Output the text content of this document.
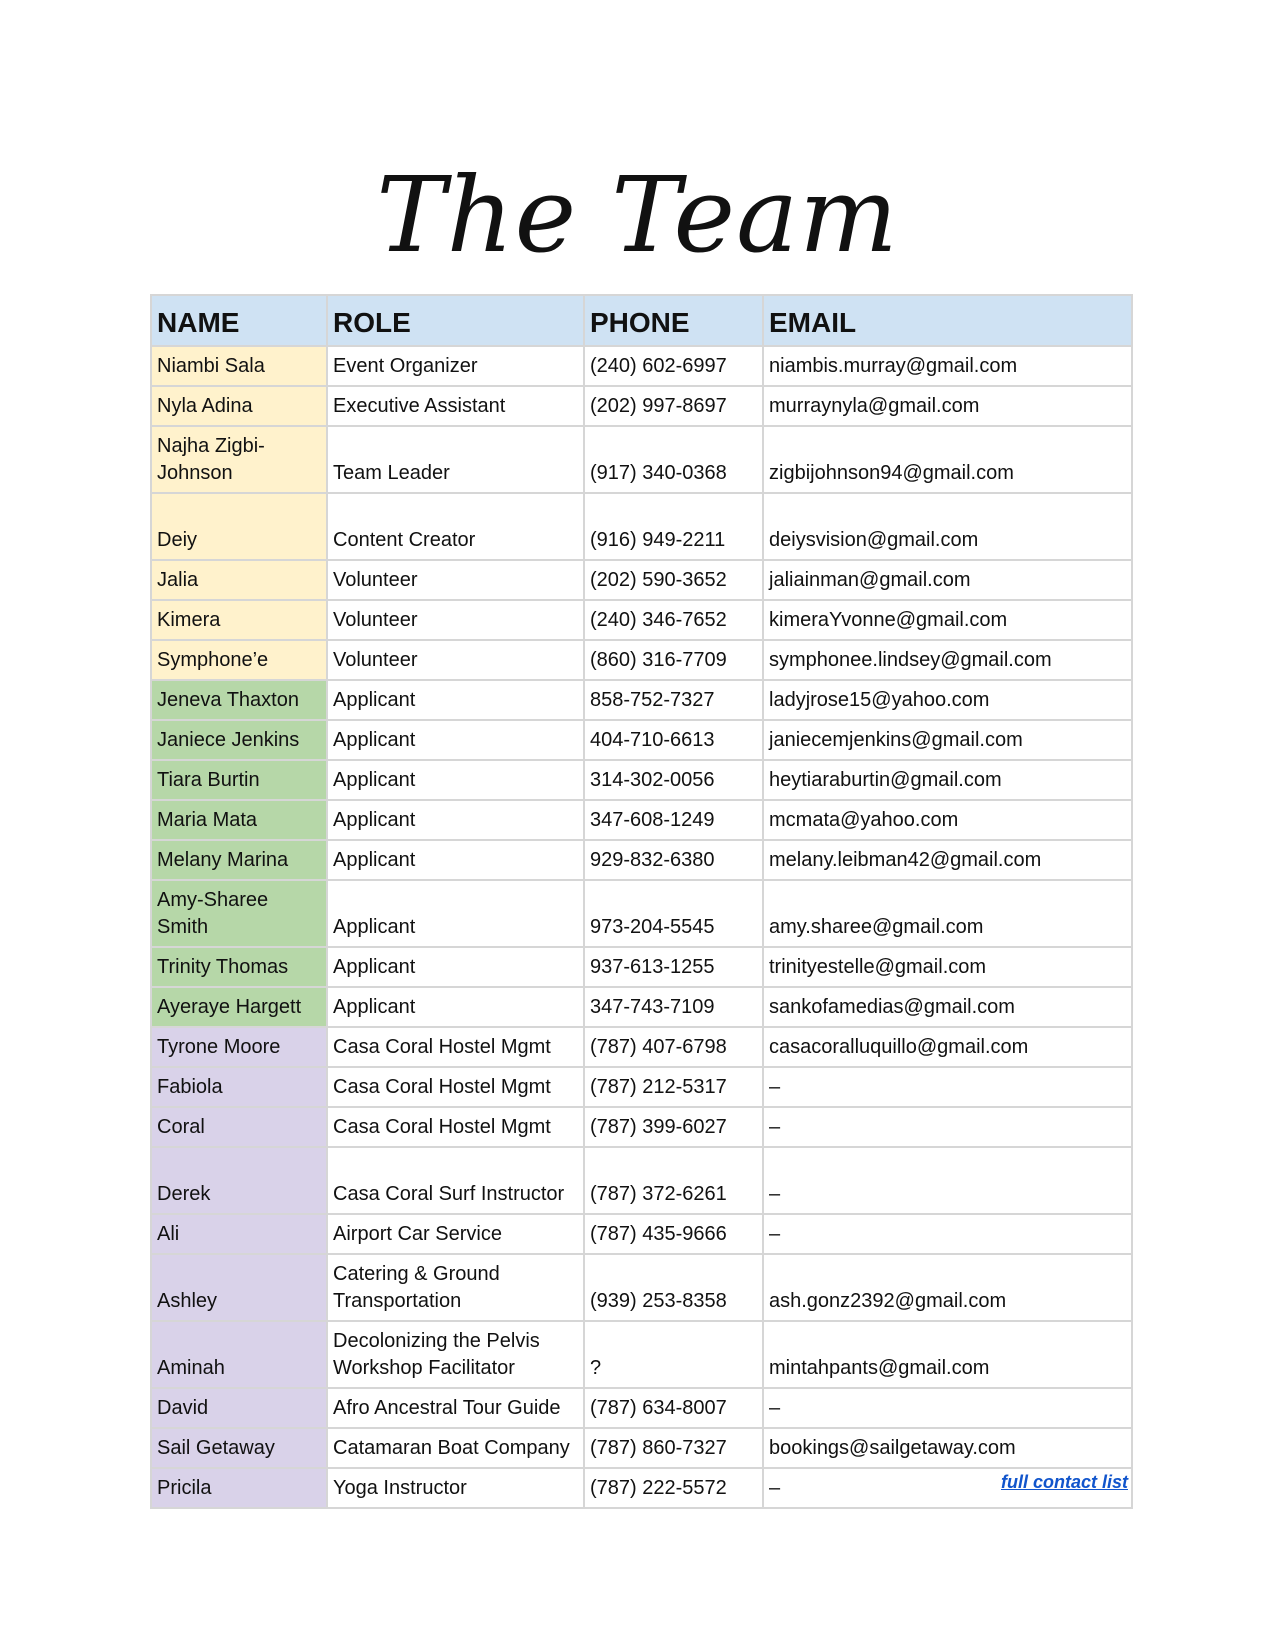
The Team
NAME	ROLE	PHONE	EMAIL
Niambi Sala	Event Organizer	(240) 602-6997	niambis.murray@gmail.com
Nyla Adina	Executive Assistant	(202) 997-8697	murraynyla@gmail.com
Najha Zigbi-Johnson	Team Leader	(917) 340-0368	zigbijohnson94@gmail.com
Deiy	Content Creator	(916) 949-2211	deiysvision@gmail.com
Jalia	Volunteer	(202) 590-3652	jaliainman@gmail.com
Kimera	Volunteer	(240) 346-7652	kimeraYvonne@gmail.com
Symphone’e	Volunteer	(860) 316-7709	symphonee.lindsey@gmail.com
Jeneva Thaxton	Applicant	858-752-7327	ladyjrose15@yahoo.com
Janiece Jenkins	Applicant	404-710-6613	janiecemjenkins@gmail.com
Tiara Burtin	Applicant	314-302-0056	heytiaraburtin@gmail.com
Maria Mata	Applicant	347-608-1249	mcmata@yahoo.com
Melany Marina	Applicant	929-832-6380	melany.leibman42@gmail.com
Amy-Sharee Smith	Applicant	973-204-5545	amy.sharee@gmail.com
Trinity Thomas	Applicant	937-613-1255	trinityestelle@gmail.com
Ayeraye Hargett	Applicant	347-743-7109	sankofamedias@gmail.com
Tyrone Moore	Casa Coral Hostel Mgmt	(787) 407-6798	casacoralluquillo@gmail.com
Fabiola	Casa Coral Hostel Mgmt	(787) 212-5317	–
Coral	Casa Coral Hostel Mgmt	(787) 399-6027	–
Derek	Casa Coral Surf Instructor	(787) 372-6261	–
Ali	Airport Car Service	(787) 435-9666	–
Ashley	Catering & Ground Transportation	(939) 253-8358	ash.gonz2392@gmail.com
Aminah	Decolonizing the Pelvis Workshop Facilitator	?	mintahpants@gmail.com
David	Afro Ancestral Tour Guide	(787) 634-8007	–
Sail Getaway	Catamaran Boat Company	(787) 860-7327	bookings@sailgetaway.com
Pricila	Yoga Instructor	(787) 222-5572	–	full contact list
